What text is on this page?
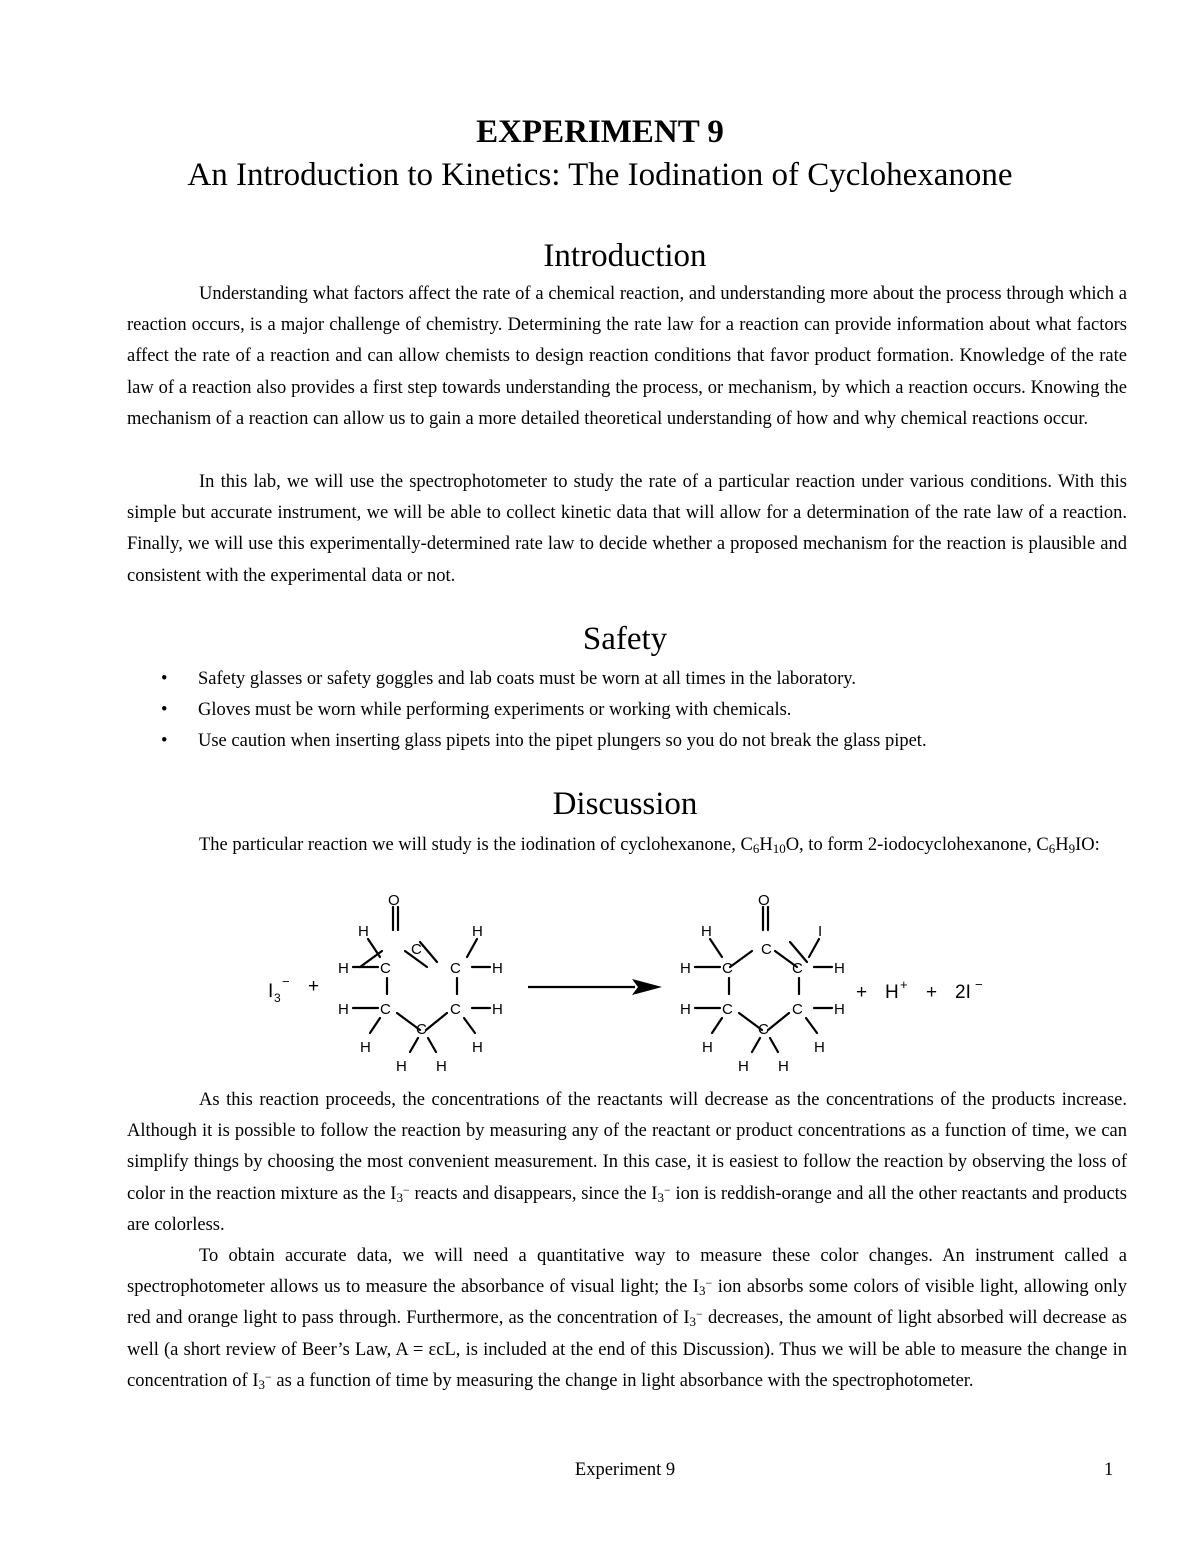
EXPERIMENT 9
An Introduction to Kinetics: The Iodination of Cyclohexanone
Introduction

Understanding what factors affect the rate of a chemical reaction, and understanding more about the process through which a reaction occurs, is a major challenge of chemistry. Determining the rate law for a reaction can provide information about what factors affect the rate of a reaction and can allow chemists to design reaction conditions that favor product formation. Knowledge of the rate law of a reaction also provides a first step towards understanding the process, or mechanism, by which a reaction occurs. Knowing the mechanism of a reaction can allow us to gain a more detailed theoretical understanding of how and why chemical reactions occur.

In this lab, we will use the spectrophotometer to study the rate of a particular reaction under various conditions. With this simple but accurate instrument, we will be able to collect kinetic data that will allow for a determination of the rate law of a reaction. Finally, we will use this experimentally-determined rate law to decide whether a proposed mechanism for the reaction is plausible and consistent with the experimental data or not.

Safety
• Safety glasses or safety goggles and lab coats must be worn at all times in the laboratory.
• Gloves must be worn while performing experiments or working with chemicals.
• Use caution when inserting glass pipets into the pipet plungers so you do not break the glass pipet.
Discussion

The particular reaction we will study is the iodination of cyclohexanone, $C_6H_{10}O$, to form 2-iodocyclohexanone, $C_6H_9IO$:

I 3
− +
O
C
C	C
C	C
C
H	H
H	H
H	H
H	H
H H
O
C
C	C
C	C
C
H	I
H	H
H	H
H	H
H H
+ H + + 2I −

As this reaction proceeds, the concentrations of the reactants will decrease as the concentrations of the products increase. Although it is possible to follow the reaction by measuring any of the reactant or product concentrations as a function of time, we can simplify things by choosing the most convenient measurement. In this case, it is easiest to follow the reaction by observing the loss of color in the reaction mixture as the $I_3^-$ reacts and disappears, since the $I_3^-$ ion is reddish-orange and all the other reactants and products are colorless.

To obtain accurate data, we will need a quantitative way to measure these color changes. An instrument called a spectrophotometer allows us to measure the absorbance of visual light; the $I_3^-$ ion absorbs some colors of visible light, allowing only red and orange light to pass through. Furthermore, as the concentration of $I_3^-$ decreases, the amount of light absorbed will decrease as well (a short review of Beer’s Law, A = εcL, is included at the end of this Discussion). Thus we will be able to measure the change in concentration of $I_3^-$ as a function of time by measuring the change in light absorbance with the spectrophotometer.

Experiment 9	1
